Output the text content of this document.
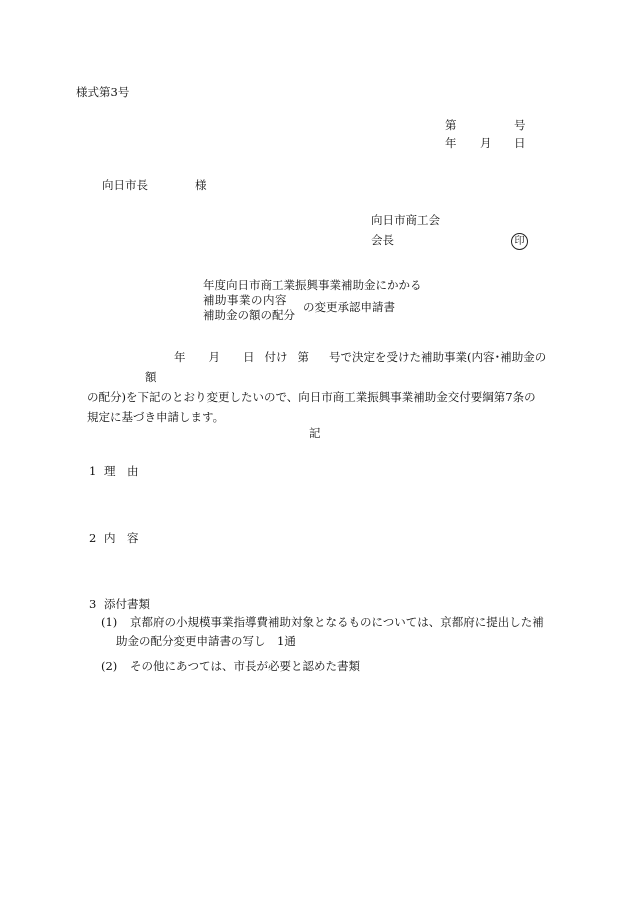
様式第3号
第	号
年 月 日
向日市長	様
向日市商工会
会長	印
年度向日市商工業振興事業補助金にかかる
補助事業の内容
補助金の額の配分
の変更承認申請書
年 月 日 付け 第 号で決定を受けた補助事業(内容･補助金の額
の配分)を下記のとおり変更したいので、向日市商工業振興事業補助金交付要綱第7条の
規定に基づき申請します。
記
1 理　由
2 内　容
3 添付書類
(1) 京都府の小規模事業指導費補助対象となるものについては、京都府に提出した補
助金の配分変更申請書の写し　1通
(2) その他にあつては、市長が必要と認めた書類
